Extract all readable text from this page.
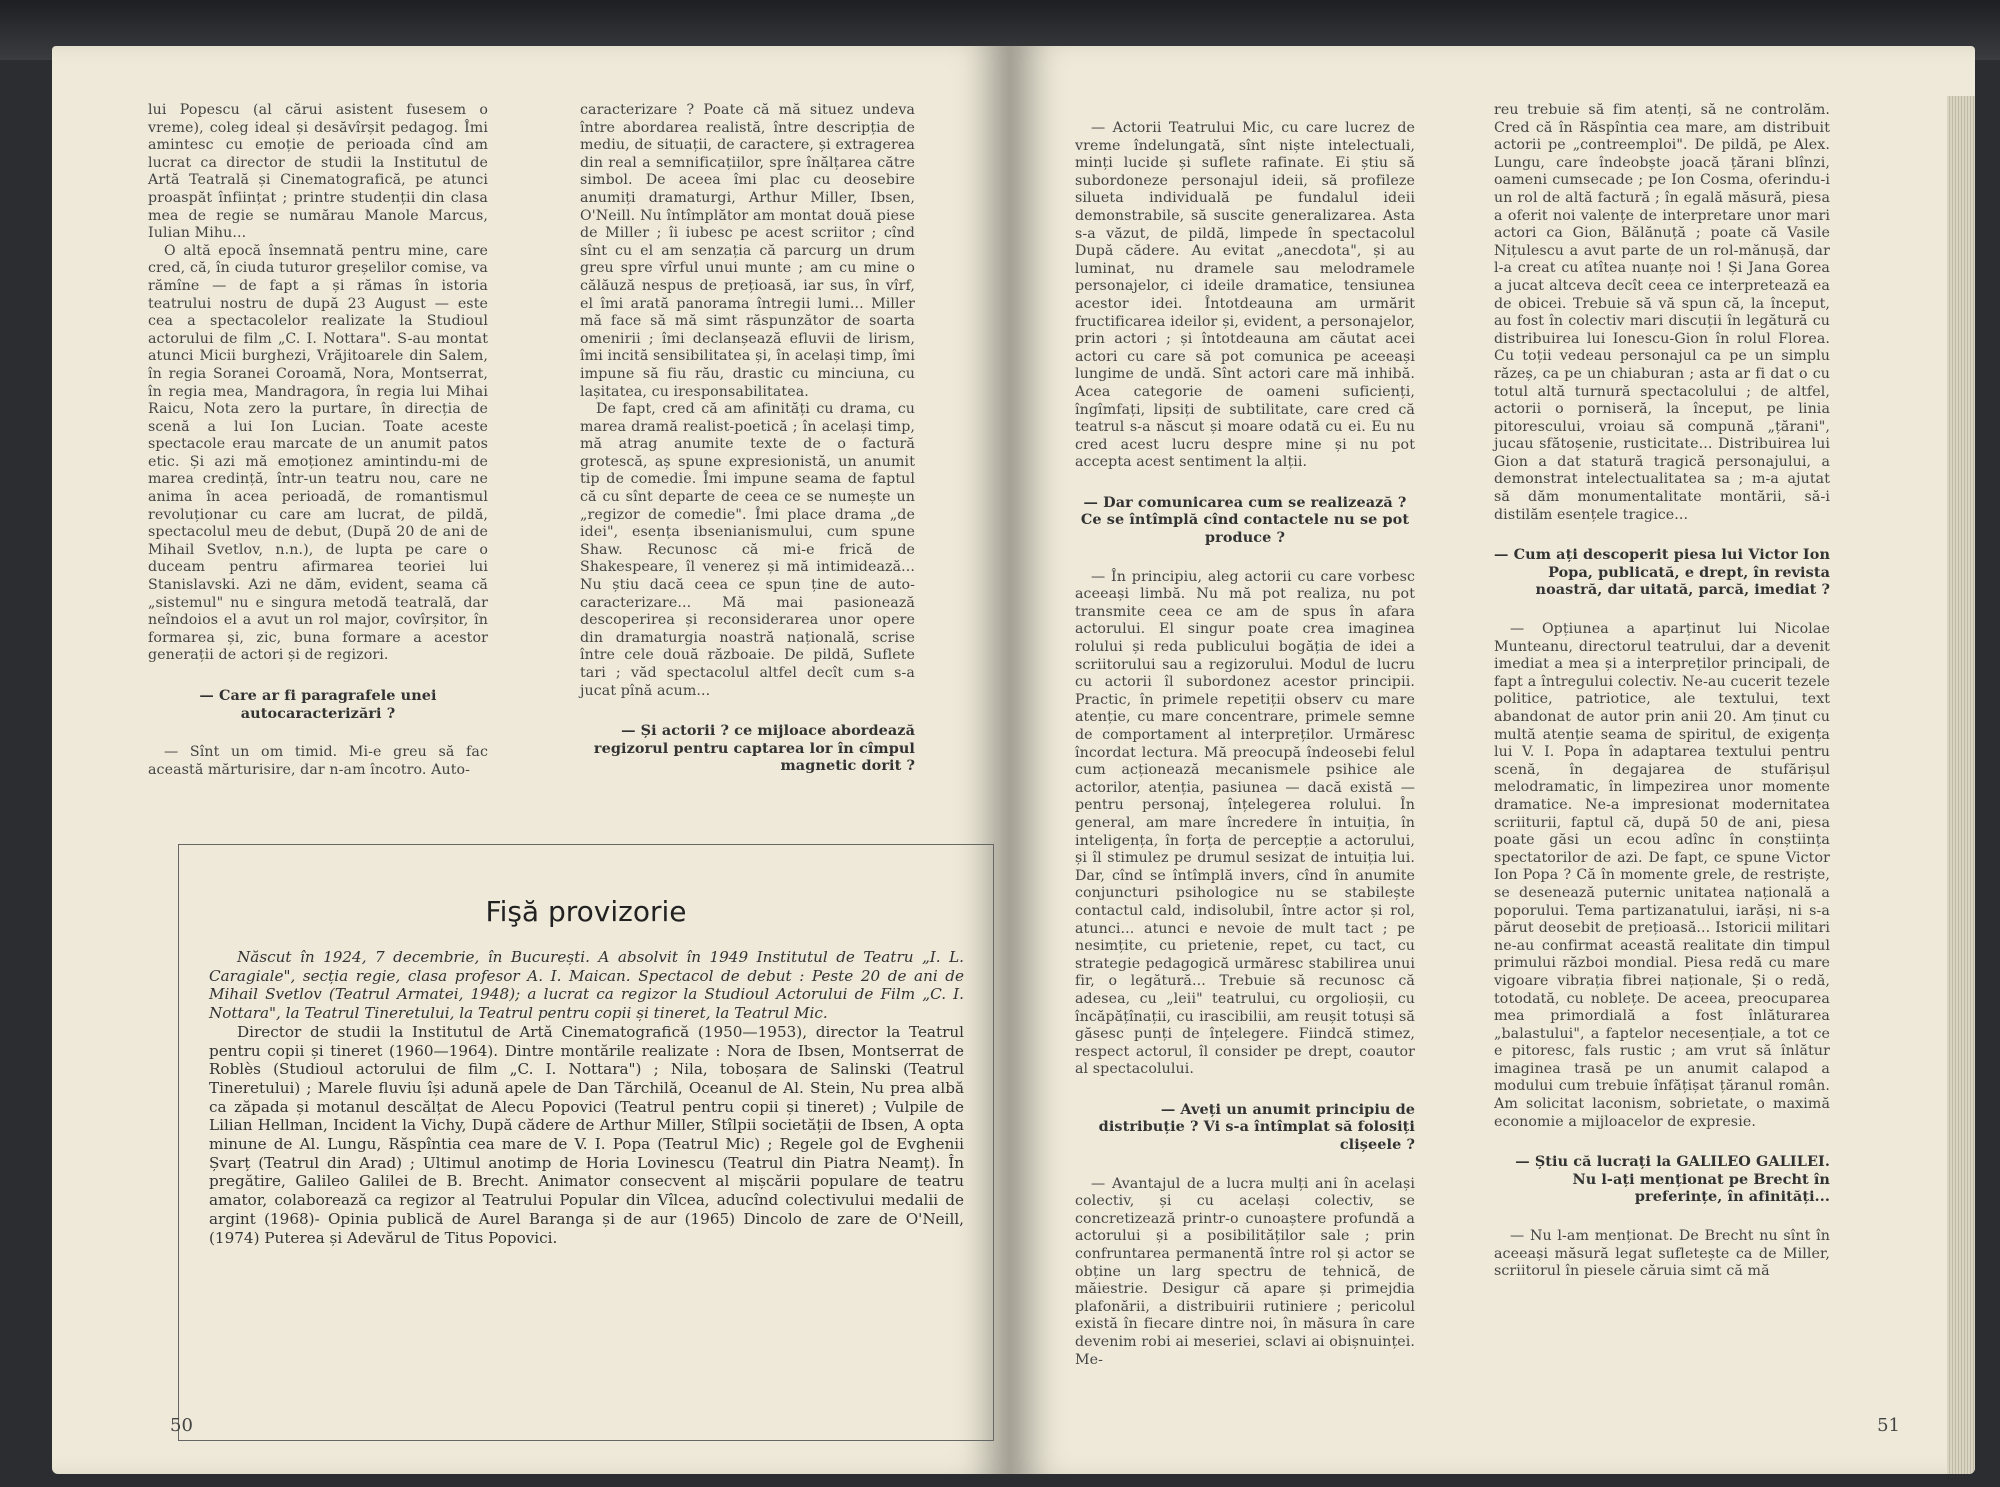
lui Popescu (al cărui asistent fusesem o vreme), coleg ideal și desăvîrșit pedagog. Îmi amintesc cu emoție de perioada cînd am lucrat ca director de studii la Institutul de Artă Teatrală și Cinematografică, pe atunci proaspăt înființat ; printre studenții din clasa mea de regie se numărau Manole Marcus, Iulian Mihu...

O altă epocă însemnată pentru mine, care cred, că, în ciuda tuturor greșelilor comise, va rămîne — de fapt a și rămas în istoria teatrului nostru de după 23 August — este cea a spectacolelor realizate la Studioul actorului de film „C. I. Nottara". S-au montat atunci Micii burghezi, Vrăjitoarele din Salem, în regia Soranei Coroamă, Nora, Montserrat, în regia mea, Mandragora, în regia lui Mihai Raicu, Nota zero la purtare, în direcția de scenă a lui Ion Lucian. Toate aceste spectacole erau marcate de un anumit patos etic. Și azi mă emoționez amintindu-mi de marea credință, într-un teatru nou, care ne anima în acea perioadă, de romantismul revoluționar cu care am lucrat, de pildă, spectacolul meu de debut, (După 20 de ani de Mihail Svetlov, n.n.), de lupta pe care o duceam pentru afirmarea teoriei lui Stanislavski. Azi ne dăm, evident, seama că „sistemul" nu e singura metodă teatrală, dar neîndoios el a avut un rol major, covîrșitor, în formarea și, zic, buna formare a acestor generații de actori și de regizori.

— Care ar fi paragrafele unei autocaracterizări ?

— Sînt un om timid. Mi-e greu să fac această mărturisire, dar n-am încotro. Auto-

caracterizare ? Poate că mă situez undeva între abordarea realistă, între descripția de mediu, de situații, de caractere, și extragerea din real a semnificațiilor, spre înălțarea către simbol. De aceea îmi plac cu deosebire anumiți dramaturgi, Arthur Miller, Ibsen, O'Neill. Nu întîmplător am montat două piese de Miller ; îi iubesc pe acest scriitor ; cînd sînt cu el am senzația că parcurg un drum greu spre vîrful unui munte ; am cu mine o călăuză nespus de prețioasă, iar sus, în vîrf, el îmi arată panorama întregii lumi... Miller mă face să mă simt răspunzător de soarta omenirii ; îmi declanșează efluvii de lirism, îmi incită sensibilitatea și, în același timp, îmi impune să fiu rău, drastic cu minciuna, cu lașitatea, cu iresponsabilitatea.

De fapt, cred că am afinități cu drama, cu marea dramă realist-poetică ; în același timp, mă atrag anumite texte de o factură grotescă, aș spune expresionistă, un anumit tip de comedie. Îmi impune seama de faptul că cu sînt departe de ceea ce se numește un „regizor de comedie". Îmi place drama „de idei", esența ibsenianismului, cum spune Shaw. Recunosc că mi-e frică de Shakespeare, îl venerez și mă intimidează... Nu știu dacă ceea ce spun ține de auto-caracterizare... Mă mai pasionează descoperirea și reconsiderarea unor opere din dramaturgia noastră națională, scrise între cele două războaie. De pildă, Suflete tari ; văd spectacolul altfel decît cum s-a jucat pînă acum...

— Și actorii ? ce mijloace abordează regizorul pentru captarea lor în cîmpul magnetic dorit ?

Fişă provizorie

Născut în 1924, 7 decembrie, în București. A absolvit în 1949 Institutul de Teatru „I. L. Caragiale", secția regie, clasa profesor A. I. Maican. Spectacol de debut : Peste 20 de ani de Mihail Svetlov (Teatrul Armatei, 1948); a lucrat ca regizor la Studioul Actorului de Film „C. I. Nottara", la Teatrul Tineretului, la Teatrul pentru copii și tineret, la Teatrul Mic.

Director de studii la Institutul de Artă Cinematografică (1950—1953), director la Teatrul pentru copii și tineret (1960—1964). Dintre montările realizate : Nora de Ibsen, Montserrat de Roblès (Studioul actorului de film „C. I. Nottara") ; Nila, toboșara de Salinski (Teatrul Tineretului) ; Marele fluviu își adună apele de Dan Tărchilă, Oceanul de Al. Stein, Nu prea albă ca zăpada și motanul descălțat de Alecu Popovici (Teatrul pentru copii și tineret) ; Vulpile de Lilian Hellman, Incident la Vichy, După cădere de Arthur Miller, Stîlpii societății de Ibsen, A opta minune de Al. Lungu, Răspîntia cea mare de V. I. Popa (Teatrul Mic) ; Regele gol de Evghenii Șvarț (Teatrul din Arad) ; Ultimul anotimp de Horia Lovinescu (Teatrul din Piatra Neamț). În pregătire, Galileo Galilei de B. Brecht. Animator consecvent al mișcării populare de teatru amator, colaborează ca regizor al Teatrului Popular din Vîlcea, aducînd colectivului medalii de argint (1968)- Opinia publică de Aurel Baranga și de aur (1965) Dincolo de zare de O'Neill, (1974) Puterea și Adevărul de Titus Popovici.

50

— Actorii Teatrului Mic, cu care lucrez de vreme îndelungată, sînt niște intelectuali, minți lucide și suflete rafinate. Ei știu să subordoneze personajul ideii, să profileze silueta individuală pe fundalul ideii demonstrabile, să suscite generalizarea. Asta s-a văzut, de pildă, limpede în spectacolul După cădere. Au evitat „anecdota", și au luminat, nu dramele sau melodramele personajelor, ci ideile dramatice, tensiunea acestor idei. Întotdeauna am urmărit fructificarea ideilor și, evident, a personajelor, prin actori ; și întotdeauna am căutat acei actori cu care să pot comunica pe aceeași lungime de undă. Sînt actori care mă inhibă. Acea categorie de oameni suficienți, îngîmfați, lipsiți de subtilitate, care cred că teatrul s-a născut și moare odată cu ei. Eu nu cred acest lucru despre mine și nu pot accepta acest sentiment la alții.

— Dar comunicarea cum se realizează ? Ce se întîmplă cînd contactele nu se pot produce ?

— În principiu, aleg actorii cu care vorbesc aceeași limbă. Nu mă pot realiza, nu pot transmite ceea ce am de spus în afara actorului. El singur poate crea imaginea rolului și reda publicului bogăția de idei a scriitorului sau a regizorului. Modul de lucru cu actorii îl subordonez acestor principii. Practic, în primele repetiții observ cu mare atenție, cu mare concentrare, primele semne de comportament al interpreților. Urmăresc încordat lectura. Mă preocupă îndeosebi felul cum acționează mecanismele psihice ale actorilor, atenția, pasiunea — dacă există — pentru personaj, înțelegerea rolului. În general, am mare încredere în intuiția, în inteligența, în forța de percepție a actorului, și îl stimulez pe drumul sesizat de intuiția lui. Dar, cînd se întîmplă invers, cînd în anumite conjuncturi psihologice nu se stabilește contactul cald, indisolubil, între actor și rol, atunci... atunci e nevoie de mult tact ; pe nesimțite, cu prietenie, repet, cu tact, cu strategie pedagogică urmăresc stabilirea unui fir, o legătură... Trebuie să recunosc că adesea, cu „leii" teatrului, cu orgolioșii, cu încăpățînații, cu irascibilii, am reușit totuși să găsesc punți de înțelegere. Fiindcă stimez, respect actorul, îl consider pe drept, coautor al spectacolului.

— Aveți un anumit principiu de distribuție ? Vi s-a întîmplat să folosiți clișeele ?

— Avantajul de a lucra mulți ani în același colectiv, și cu același colectiv, se concretizează printr-o cunoaștere profundă a actorului și a posibilităților sale ; prin confruntarea permanentă între rol și actor se obține un larg spectru de tehnică, de măiestrie. Desigur că apare și primejdia plafonării, a distribuirii rutiniere ; pericolul există în fiecare dintre noi, în măsura în care devenim robi ai meseriei, sclavi ai obișnuinței. Me-

reu trebuie să fim atenți, să ne controlăm. Cred că în Răspîntia cea mare, am distribuit actorii pe „contreemploi". De pildă, pe Alex. Lungu, care îndeobște joacă țărani blînzi, oameni cumsecade ; pe Ion Cosma, oferindu-i un rol de altă factură ; în egală măsură, piesa a oferit noi valențe de interpretare unor mari actori ca Gion, Bălănuță ; poate că Vasile Nițulescu a avut parte de un rol-mănușă, dar l-a creat cu atîtea nuanțe noi ! Și Jana Gorea a jucat altceva decît ceea ce interpretează ea de obicei. Trebuie să vă spun că, la început, au fost în colectiv mari discuții în legătură cu distribuirea lui Ionescu-Gion în rolul Florea. Cu toții vedeau personajul ca pe un simplu răzeș, ca pe un chiaburan ; asta ar fi dat o cu totul altă turnură spectacolului ; de altfel, actorii o porniseră, la început, pe linia pitorescului, vroiau să compună „țărani", jucau sfătoșenie, rusticitate... Distribuirea lui Gion a dat statură tragică personajului, a demonstrat intelectualitatea sa ; m-a ajutat să dăm monumentalitate montării, să-i distilăm esențele tragice...

— Cum ați descoperit piesa lui Victor Ion Popa, publicată, e drept, în revista noastră, dar uitată, parcă, imediat ?

— Opțiunea a aparținut lui Nicolae Munteanu, directorul teatrului, dar a devenit imediat a mea și a interpreților principali, de fapt a întregului colectiv. Ne-au cucerit tezele politice, patriotice, ale textului, text abandonat de autor prin anii 20. Am ținut cu multă atenție seama de spiritul, de exigența lui V. I. Popa în adaptarea textului pentru scenă, în degajarea de stufărișul melodramatic, în limpezirea unor momente dramatice. Ne-a impresionat modernitatea scriiturii, faptul că, după 50 de ani, piesa poate găsi un ecou adînc în conștiința spectatorilor de azi. De fapt, ce spune Victor Ion Popa ? Că în momente grele, de restriște, se desenează puternic unitatea națională a poporului. Tema partizanatului, iarăși, ni s-a părut deosebit de prețioasă... Istoricii militari ne-au confirmat această realitate din timpul primului război mondial. Piesa redă cu mare vigoare vibrația fibrei naționale, Și o redă, totodată, cu noblețe. De aceea, preocuparea mea primordială a fost înlăturarea „balastului", a faptelor necesențiale, a tot ce e pitoresc, fals rustic ; am vrut să înlătur imaginea trasă pe un anumit calapod a modului cum trebuie înfățișat țăranul român. Am solicitat laconism, sobrietate, o maximă economie a mijloacelor de expresie.

— Știu că lucrați la GALILEO GALILEI. Nu l-ați menționat pe Brecht în preferințe, în afinități...

— Nu l-am menționat. De Brecht nu sînt în aceeași măsură legat sufletește ca de Miller, scriitorul în piesele căruia simt că mă

51
